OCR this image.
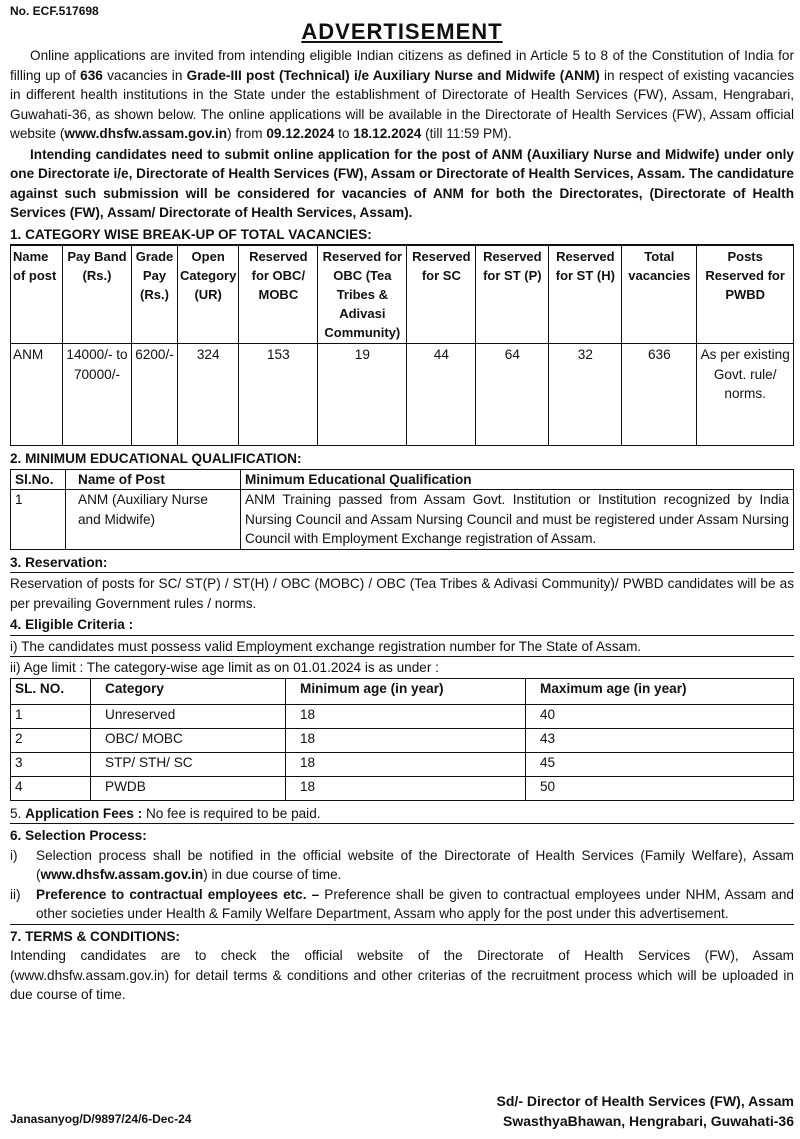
No. ECF.517698
ADVERTISEMENT

Online applications are invited from intending eligible Indian citizens as defined in Article 5 to 8 of the Constitution of India for filling up of 636 vacancies in Grade-III post (Technical) i/e Auxiliary Nurse and Midwife (ANM) in respect of existing vacancies in different health institutions in the State under the establishment of Directorate of Health Services (FW), Assam, Hengrabari, Guwahati-36, as shown below. The online applications will be available in the Directorate of Health Services (FW), Assam official website (www.dhsfw.assam.gov.in) from 09.12.2024 to 18.12.2024 (till 11:59 PM).

Intending candidates need to submit online application for the post of ANM (Auxiliary Nurse and Midwife) under only one Directorate i/e, Directorate of Health Services (FW), Assam or Directorate of Health Services, Assam. The candidature against such submission will be considered for vacancies of ANM for both the Directorates, (Directorate of Health Services (FW), Assam/ Directorate of Health Services, Assam).

1. CATEGORY WISE BREAK-UP OF TOTAL VACANCIES:
Name of post	Pay Band (Rs.)	Grade Pay (Rs.)	Open Category (UR)	Reserved for OBC/ MOBC	Reserved for OBC (Tea Tribes & Adivasi Community)	Reserved for SC	Reserved for ST (P)	Reserved for ST (H)	Total vacancies	Posts Reserved for PWBD
ANM	14000/- to 70000/-	6200/-	324	153	19	44	64	32	636	As per existing Govt. rule/ norms.
2. MINIMUM EDUCATIONAL QUALIFICATION:
Sl.No.	Name of Post	Minimum Educational Qualification
1	ANM (Auxiliary Nurse and Midwife)	ANM Training passed from Assam Govt. Institution or Institution recognized by India Nursing Council and Assam Nursing Council and must be registered under Assam Nursing Council with Employment Exchange registration of Assam.
3. Reservation:

Reservation of posts for SC/ ST(P) / ST(H) / OBC (MOBC) / OBC (Tea Tribes & Adivasi Community)/ PWBD candidates will be as per prevailing Government rules / norms.

4. Eligible Criteria :
i) The candidates must possess valid Employment exchange registration number for The State of Assam.
ii) Age limit : The category-wise age limit as on 01.01.2024 is as under :
SL. NO.	Category	Minimum age (in year)	Maximum age (in year)
1	Unreserved	18	40
2	OBC/ MOBC	18	43
3	STP/ STH/ SC	18	45
4	PWDB	18	50
5. Application Fees : No fee is required to be paid.
6. Selection Process:
i)	Selection process shall be notified in the official website of the Directorate of Health Services (Family Welfare), Assam (www.dhsfw.assam.gov.in) in due course of time.
ii)	Preference to contractual employees etc. – Preference shall be given to contractual employees under NHM, Assam and other societies under Health & Family Welfare Department, Assam who apply for the post under this advertisement.
7. TERMS & CONDITIONS:

Intending candidates are to check the official website of the Directorate of Health Services (FW), Assam (www.dhsfw.assam.gov.in) for detail terms & conditions and other criterias of the recruitment process which will be uploaded in due course of time.

Sd/- Director of Health Services (FW), Assam
SwasthyaBhawan, Hengrabari, Guwahati-36
Janasanyog/D/9897/24/6-Dec-24
